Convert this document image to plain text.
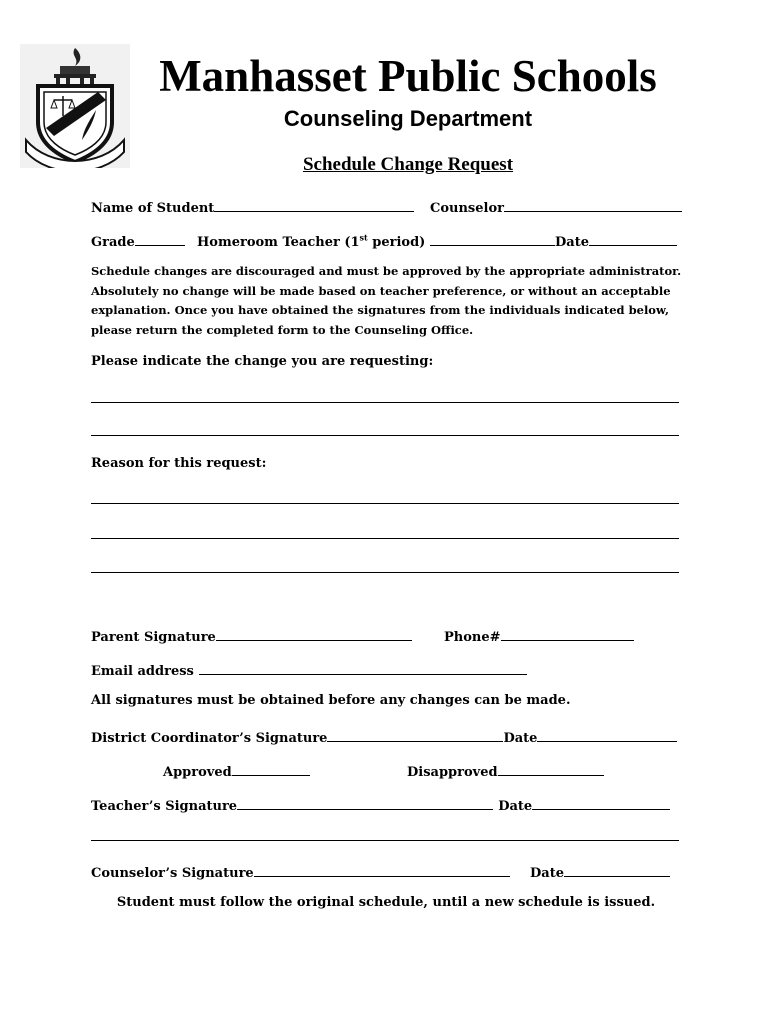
Manhasset Public Schools
Counseling Department
Schedule Change Request
Name of Student	Counselor
Grade	Homeroom Teacher (1st period)	Date
Schedule changes are discouraged and must be approved by the appropriate administrator.
Absolutely no change will be made based on teacher preference, or without an acceptable
explanation. Once you have obtained the signatures from the individuals indicated below,
please return the completed form to the Counseling Office.
Please indicate the change you are requesting:
Reason for this request:
Parent Signature	Phone#
Email address
All signatures must be obtained before any changes can be made.
District Coordinator’s Signature	Date
Approved	Disapproved
Teacher’s Signature	Date
Counselor’s Signature	Date
Student must follow the original schedule, until a new schedule is issued.
